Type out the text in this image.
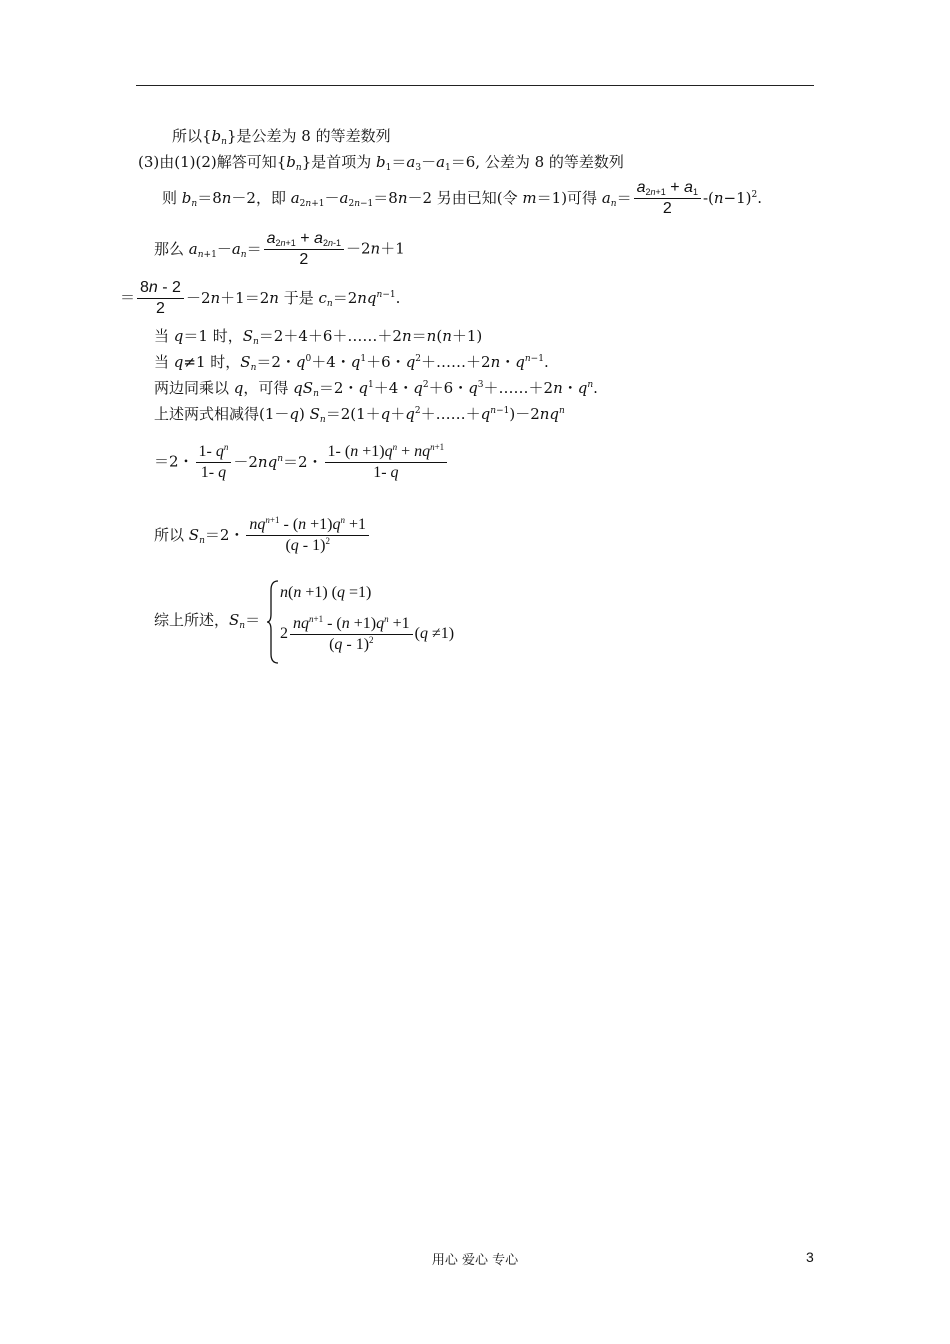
所以$\{b_n\}$是公差为 8 的等差数列
(3)由(1)(2)解答可知$\{b_n\}$是首项为 $b_1=a_3-a_1=6$, 公差为 8 的等差数列
则 $b_n=8n-2$，即 $a_{2n+1}-a_{2n-1}=8n-2$ 另由已知(令 m＝1)可得 $a_n= \frac{a_{2n+1} + a_1}{2} -(n-1)^2$.
那么 $a_{n+1}-a_n= \frac{a_{2n+1} + a_{2n-1}}{2} -2n+1$
＝ $\frac{8n - 2}{2} -2n+1=2n$ 于是 $c_n=2nq^{n-1}$.
当 q＝1 时，$S_n=2+4+6+\dots\dots+2n=n(n+1)$
当 q≠1 时，$S_n=2$・$q^0+4$・$q^1+6$・$q^2+\dots\dots+2n$・$q^{n-1}$.
两边同乘以 q，可得 $qS_n=2$・$q^1+4$・$q^2+6$・$q^3+\dots\dots+2n$・$q^n$.
上述两式相减得(1－q) $S_n=2(1+q+q^2+\dots\dots+q^{n-1})-2nq^n$
＝2・ $\frac{1- q^n}{1- q} -2nq^n=2$・ $\frac{1- (n +1)q^n + nq^{n+1}}{1- q}$
所以 $S_n=2$・ $\frac{nq^{n+1} - (n +1)q^n +1}{(q - 1)^2}$
综上所述，$S_n=$
n(n +1) (q =1)
$2 \frac{nq^{n+1} - (n +1)q^n +1}{(q - 1)^2} (q \ne 1)$
用心 爱心 专心	3
